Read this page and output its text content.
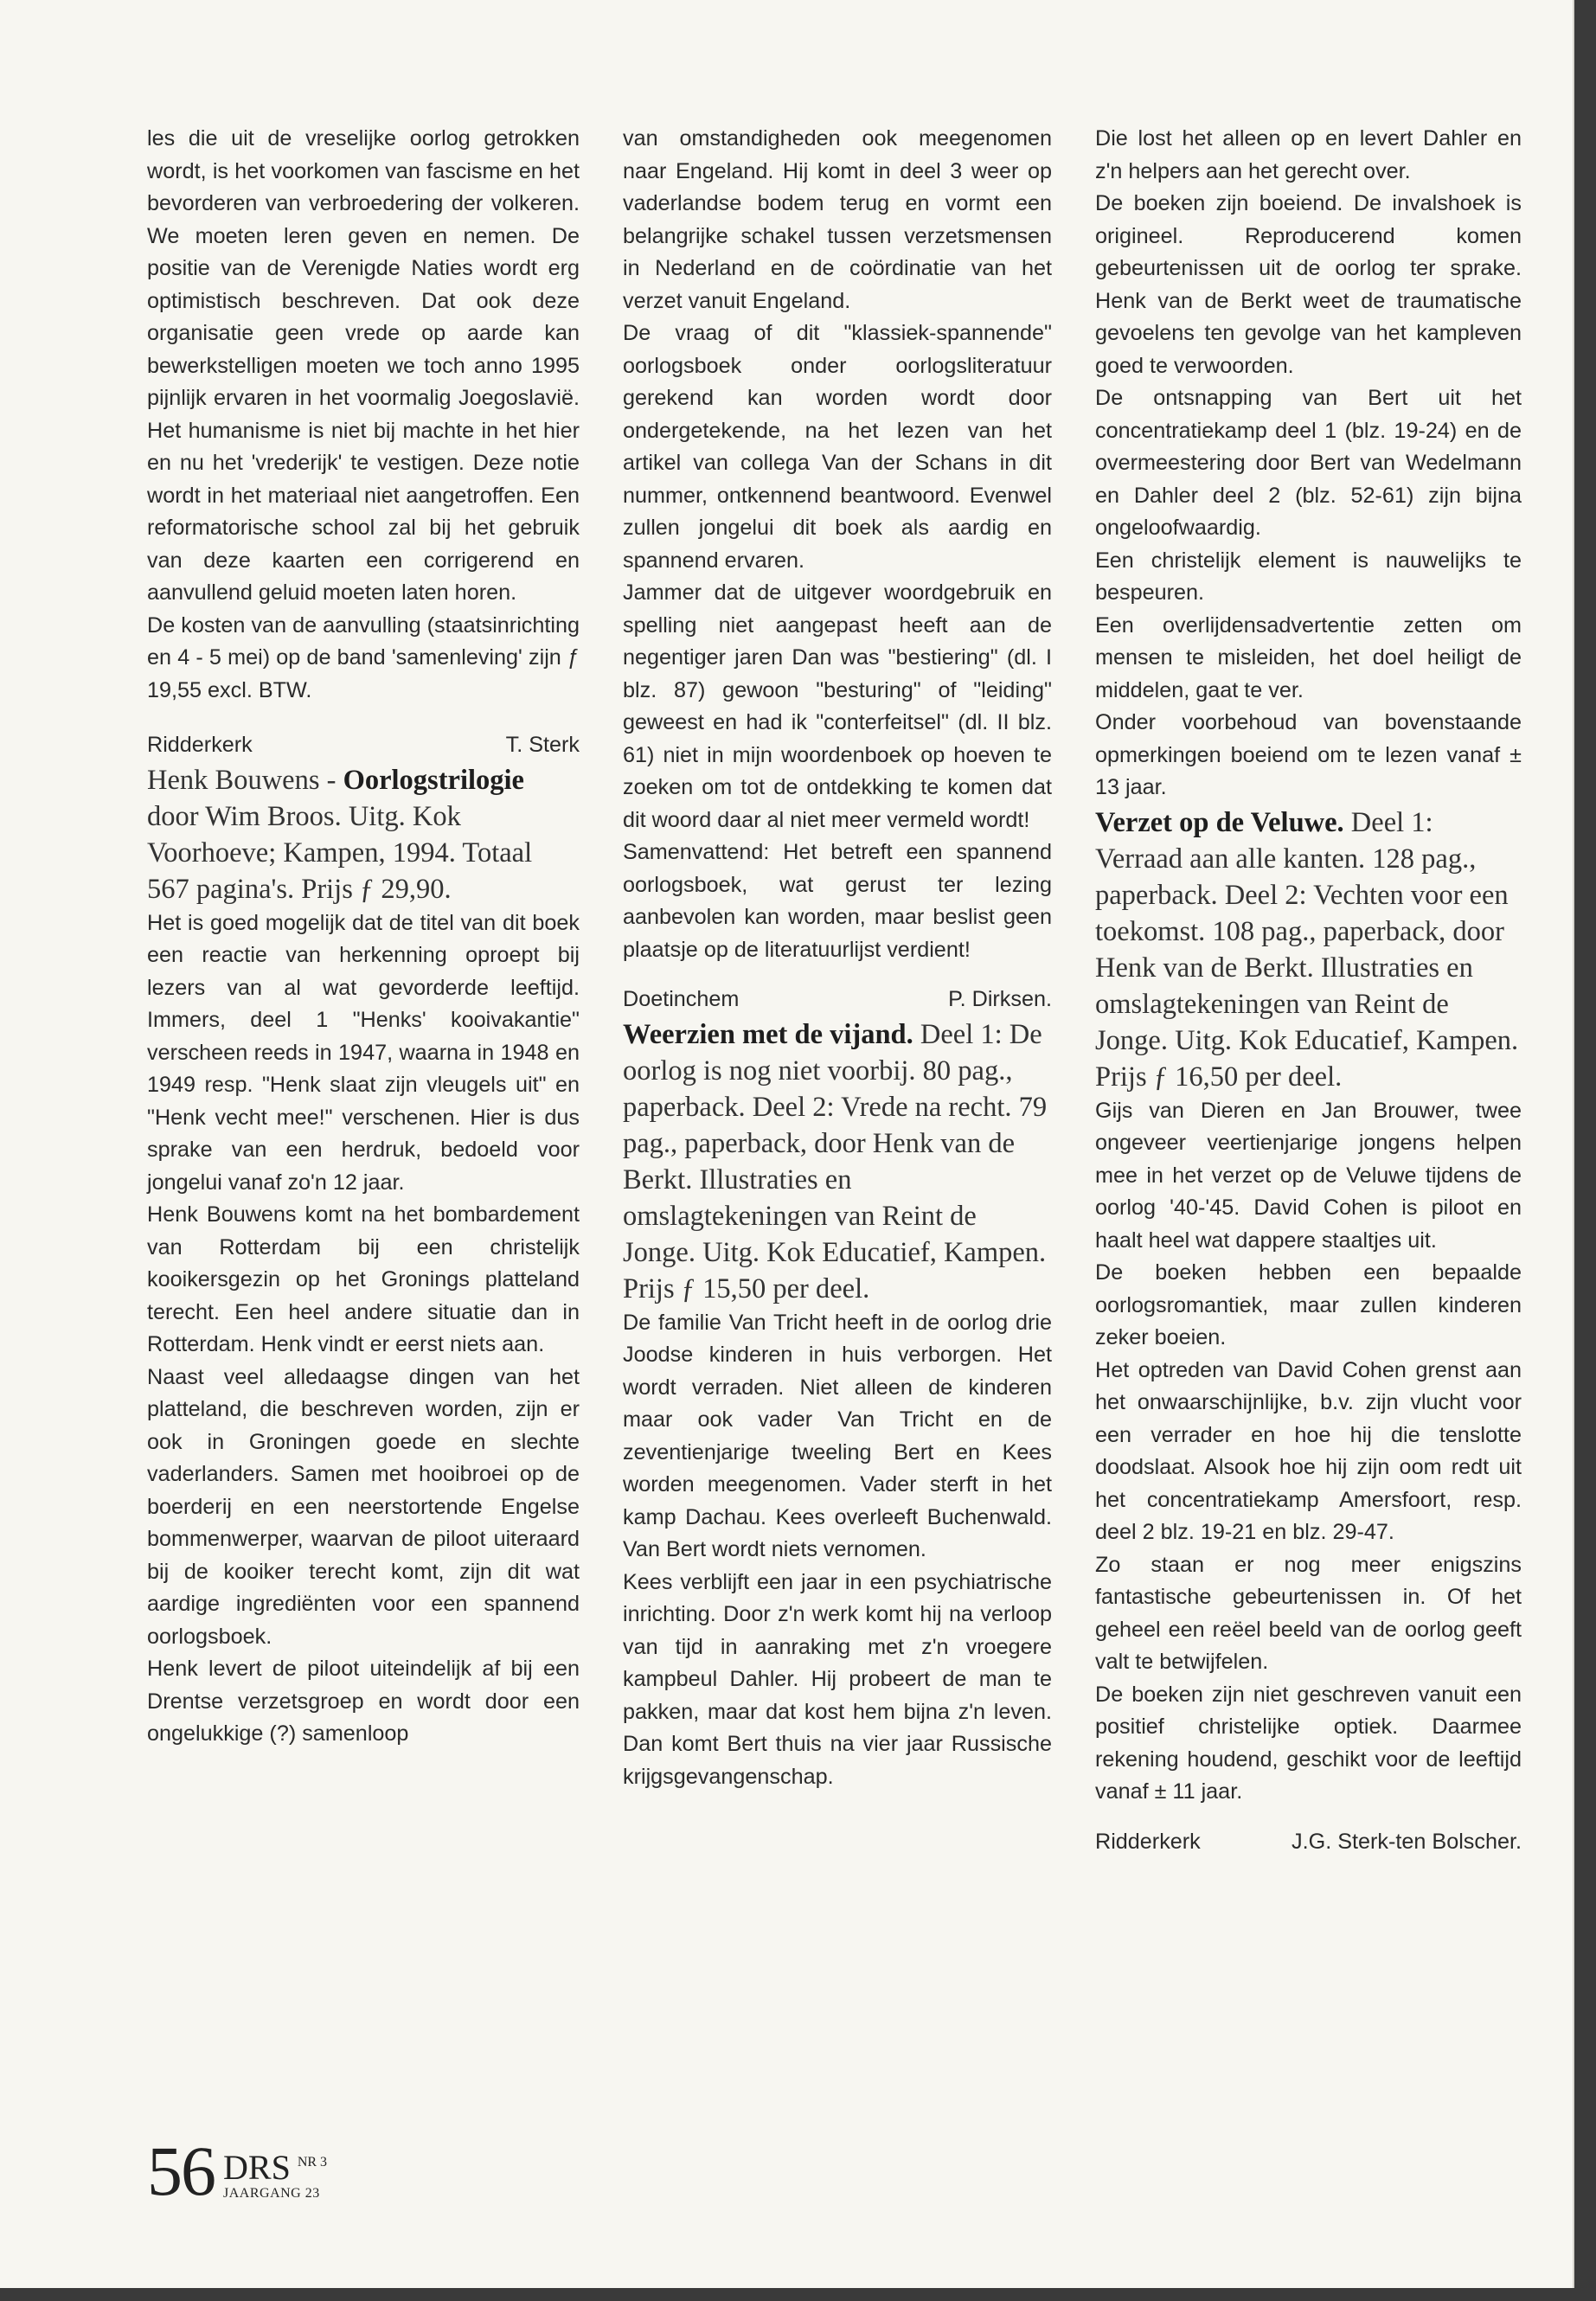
les die uit de vreselijke oorlog getrokken wordt, is het voorkomen van fascisme en het bevorderen van verbroedering der volkeren. We moeten leren geven en nemen. De positie van de Verenigde Naties wordt erg optimistisch beschreven. Dat ook deze organisatie geen vrede op aarde kan bewerkstelligen moeten we toch anno 1995 pijnlijk ervaren in het voormalig Joegoslavië. Het humanisme is niet bij machte in het hier en nu het 'vrederijk' te vestigen. Deze notie wordt in het materiaal niet aangetroffen. Een reformatorische school zal bij het gebruik van deze kaarten een corrigerend en aanvullend geluid moeten laten horen.

De kosten van de aanvulling (staatsinrichting en 4 - 5 mei) op de band 'samenleving' zijn ƒ 19,55 excl. BTW.

Ridderkerk	T. Sterk

Henk Bouwens - Oorlogstrilogie door Wim Broos. Uitg. Kok Voorhoeve; Kampen, 1994. Totaal 567 pagina's. Prijs ƒ 29,90.

Het is goed mogelijk dat de titel van dit boek een reactie van herkenning oproept bij lezers van al wat gevorderde leeftijd. Immers, deel 1 "Henks' kooivakantie" verscheen reeds in 1947, waarna in 1948 en 1949 resp. "Henk slaat zijn vleugels uit" en "Henk vecht mee!" verschenen. Hier is dus sprake van een herdruk, bedoeld voor jongelui vanaf zo'n 12 jaar.

Henk Bouwens komt na het bombardement van Rotterdam bij een christelijk kooikersgezin op het Gronings platteland terecht. Een heel andere situatie dan in Rotterdam. Henk vindt er eerst niets aan.

Naast veel alledaagse dingen van het platteland, die beschreven worden, zijn er ook in Groningen goede en slechte vaderlanders. Samen met hooibroei op de boerderij en een neerstortende Engelse bommenwerper, waarvan de piloot uiteraard bij de kooiker terecht komt, zijn dit wat aardige ingrediënten voor een spannend oorlogsboek.

Henk levert de piloot uiteindelijk af bij een Drentse verzetsgroep en wordt door een ongelukkige (?) samenloop

van omstandigheden ook meegenomen naar Engeland. Hij komt in deel 3 weer op vaderlandse bodem terug en vormt een belangrijke schakel tussen verzetsmensen in Nederland en de coördinatie van het verzet vanuit Engeland.

De vraag of dit "klassiek-spannende" oorlogsboek onder oorlogsliteratuur gerekend kan worden wordt door ondergetekende, na het lezen van het artikel van collega Van der Schans in dit nummer, ontkennend beantwoord. Evenwel zullen jongelui dit boek als aardig en spannend ervaren.

Jammer dat de uitgever woordgebruik en spelling niet aangepast heeft aan de negentiger jaren Dan was "bestiering" (dl. I blz. 87) gewoon "besturing" of "leiding" geweest en had ik "conterfeitsel" (dl. II blz. 61) niet in mijn woordenboek op hoeven te zoeken om tot de ontdekking te komen dat dit woord daar al niet meer vermeld wordt!

Samenvattend: Het betreft een spannend oorlogsboek, wat gerust ter lezing aanbevolen kan worden, maar beslist geen plaatsje op de literatuurlijst verdient!

Doetinchem	P. Dirksen.

Weerzien met de vijand. Deel 1: De oorlog is nog niet voorbij. 80 pag., paperback. Deel 2: Vrede na recht. 79 pag., paperback, door Henk van de Berkt. Illustraties en omslagtekeningen van Reint de Jonge. Uitg. Kok Educatief, Kampen. Prijs ƒ 15,50 per deel.

De familie Van Tricht heeft in de oorlog drie Joodse kinderen in huis verborgen. Het wordt verraden. Niet alleen de kinderen maar ook vader Van Tricht en de zeventienjarige tweeling Bert en Kees worden meegenomen. Vader sterft in het kamp Dachau. Kees overleeft Buchenwald. Van Bert wordt niets vernomen.

Kees verblijft een jaar in een psychiatrische inrichting. Door z'n werk komt hij na verloop van tijd in aanraking met z'n vroegere kampbeul Dahler. Hij probeert de man te pakken, maar dat kost hem bijna z'n leven. Dan komt Bert thuis na vier jaar Russische krijgsgevangenschap.

Die lost het alleen op en levert Dahler en z'n helpers aan het gerecht over.

De boeken zijn boeiend. De invalshoek is origineel. Reproducerend komen gebeurtenissen uit de oorlog ter sprake. Henk van de Berkt weet de traumatische gevoelens ten gevolge van het kampleven goed te verwoorden.

De ontsnapping van Bert uit het concentratiekamp deel 1 (blz. 19-24) en de overmeestering door Bert van Wedelmann en Dahler deel 2 (blz. 52-61) zijn bijna ongeloofwaardig.

Een christelijk element is nauwelijks te bespeuren.

Een overlijdensadvertentie zetten om mensen te misleiden, het doel heiligt de middelen, gaat te ver.

Onder voorbehoud van bovenstaande opmerkingen boeiend om te lezen vanaf ± 13 jaar.

Verzet op de Veluwe. Deel 1: Verraad aan alle kanten. 128 pag., paperback. Deel 2: Vechten voor een toekomst. 108 pag., paperback, door Henk van de Berkt. Illustraties en omslagtekeningen van Reint de Jonge. Uitg. Kok Educatief, Kampen. Prijs ƒ 16,50 per deel.

Gijs van Dieren en Jan Brouwer, twee ongeveer veertienjarige jongens helpen mee in het verzet op de Veluwe tijdens de oorlog '40-'45. David Cohen is piloot en haalt heel wat dappere staaltjes uit.

De boeken hebben een bepaalde oorlogsromantiek, maar zullen kinderen zeker boeien.

Het optreden van David Cohen grenst aan het onwaarschijnlijke, b.v. zijn vlucht voor een verrader en hoe hij die tenslotte doodslaat. Alsook hoe hij zijn oom redt uit het concentratiekamp Amersfoort, resp. deel 2 blz. 19-21 en blz. 29-47.

Zo staan er nog meer enigszins fantastische gebeurtenissen in. Of het geheel een reëel beeld van de oorlog geeft valt te betwijfelen.

De boeken zijn niet geschreven vanuit een positief christelijke optiek. Daarmee rekening houdend, geschikt voor de leeftijd vanaf ± 11 jaar.

Ridderkerk	J.G. Sterk-ten Bolscher.
56 DRS NR 3
JAARGANG 23
